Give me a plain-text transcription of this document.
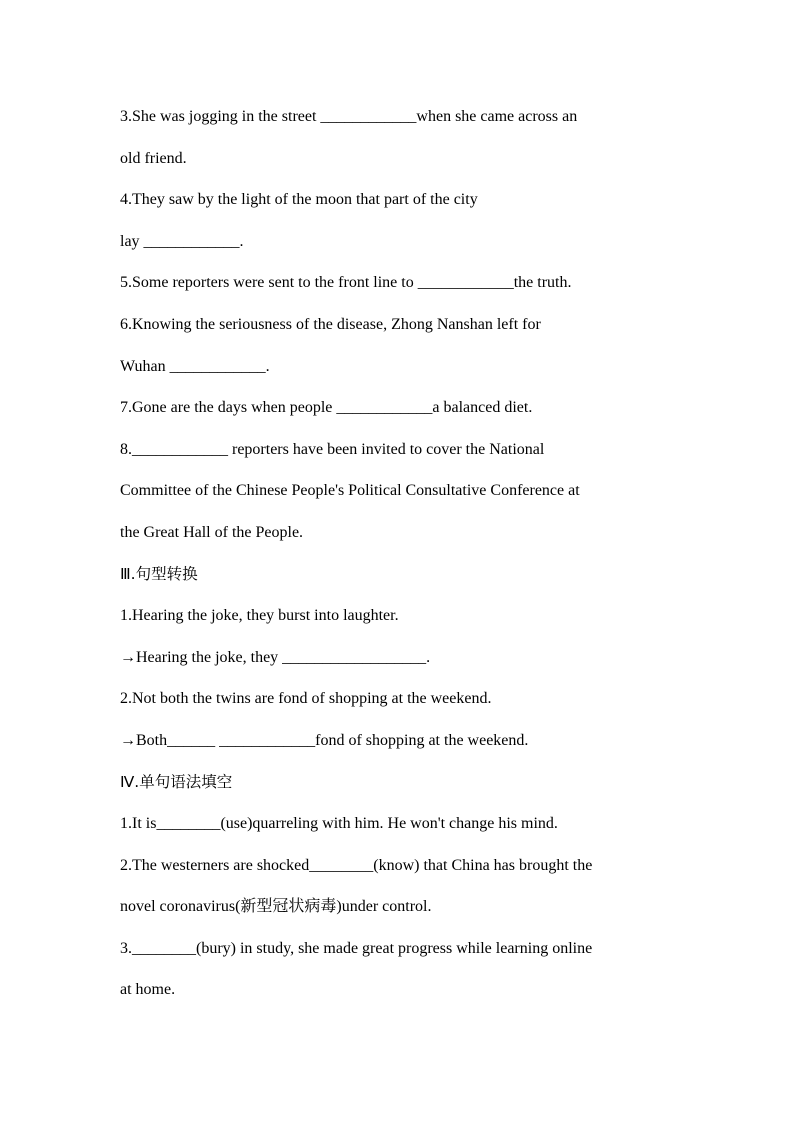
3.She was jogging in the street ____________when she came across an
old friend.
4.They saw by the light of the moon that part of the city
lay ____________.
5.Some reporters were sent to the front line to ____________the truth.
6.Knowing the seriousness of the disease, Zhong Nanshan left for
Wuhan ____________.
7.Gone are the days when people ____________a balanced diet.
8.____________ reporters have been invited to cover the National
Committee of the Chinese People's Political Consultative Conference at
the Great Hall of the People.
Ⅲ.句型转换
1.Hearing the joke, they burst into laughter.
→Hearing the joke, they __________________.
2.Not both the twins are fond of shopping at the weekend.
→Both______ ____________fond of shopping at the weekend.
Ⅳ.单句语法填空
1.It is________(use)quarreling with him. He won't change his mind.
2.The westerners are shocked________(know) that China has brought the
novel coronavirus(新型冠状病毒)under control.
3.________(bury) in study, she made great progress while learning online
at home.
